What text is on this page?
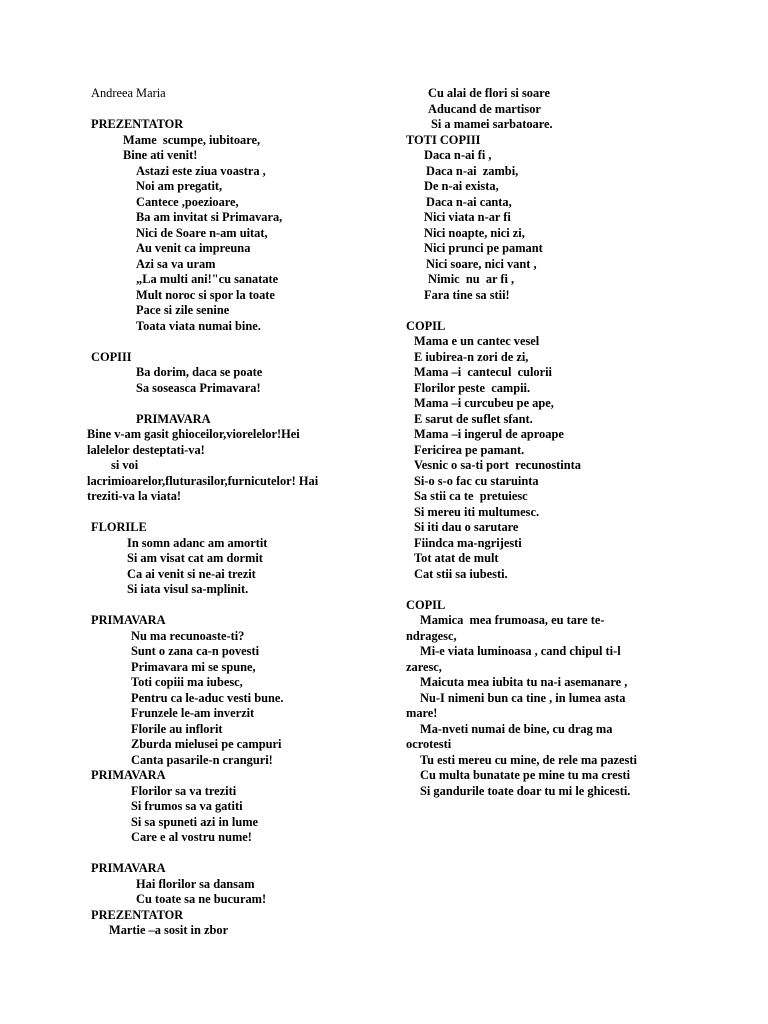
Andreea Maria
PREZENTATOR
Mame  scumpe, iubitoare,
Bine ati venit!
Astazi este ziua voastra ,
Noi am pregatit,
Cantece ,poezioare,
Ba am invitat si Primavara,
Nici de Soare n-am uitat,
Au venit ca impreuna
Azi sa va uram
„La multi ani!"cu sanatate
Mult noroc si spor la toate
Pace si zile senine
Toata viata numai bine.
COPIII
Ba dorim, daca se poate
Sa soseasca Primavara!
PRIMAVARA
Bine v-am gasit ghioceilor,viorelelor!Hei
lalelelor desteptati-va!
si voi
lacrimioarelor,fluturasilor,furnicutelor! Hai
treziti-va la viata!
FLORILE
In somn adanc am amortit
Si am visat cat am dormit
Ca ai venit si ne-ai trezit
Si iata visul sa-mplinit.
PRIMAVARA
Nu ma recunoaste-ti?
Sunt o zana ca-n povesti
Primavara mi se spune,
Toti copiii ma iubesc,
Pentru ca le-aduc vesti bune.
Frunzele le-am inverzit
Florile au inflorit
Zburda mielusei pe campuri
Canta pasarile-n cranguri!
PRIMAVARA
Florilor sa va treziti
Si frumos sa va gatiti
Si sa spuneti azi in lume
Care e al vostru nume!
PRIMAVARA
Hai florilor sa dansam
Cu toate sa ne bucuram!
PREZENTATOR
Martie –a sosit in zbor
Cu alai de flori si soare
Aducand de martisor
Si a mamei sarbatoare.
TOTI COPIII
Daca n-ai fi ,
Daca n-ai  zambi,
De n-ai exista,
Daca n-ai canta,
Nici viata n-ar fi
Nici noapte, nici zi,
Nici prunci pe pamant
Nici soare, nici vant ,
Nimic  nu  ar fi ,
Fara tine sa stii!
COPIL
Mama e un cantec vesel
E iubirea-n zori de zi,
Mama –i  cantecul  culorii
Florilor peste  campii.
Mama –i curcubeu pe ape,
E sarut de suflet sfant.
Mama –i ingerul de aproape
Fericirea pe pamant.
Vesnic o sa-ti port  recunostinta
Si-o s-o fac cu staruinta
Sa stii ca te  pretuiesc
Si mereu iti multumesc.
Si iti dau o sarutare
Fiindca ma-ngrijesti
Tot atat de mult
Cat stii sa iubesti.
COPIL
Mamica  mea frumoasa, eu tare te-
ndragesc,
Mi-e viata luminoasa , cand chipul ti-l
zaresc,
Maicuta mea iubita tu na-i asemanare ,
Nu-I nimeni bun ca tine , in lumea asta
mare!
Ma-nveti numai de bine, cu drag ma
ocrotesti
Tu esti mereu cu mine, de rele ma pazesti
Cu multa bunatate pe mine tu ma cresti
Si gandurile toate doar tu mi le ghicesti.
